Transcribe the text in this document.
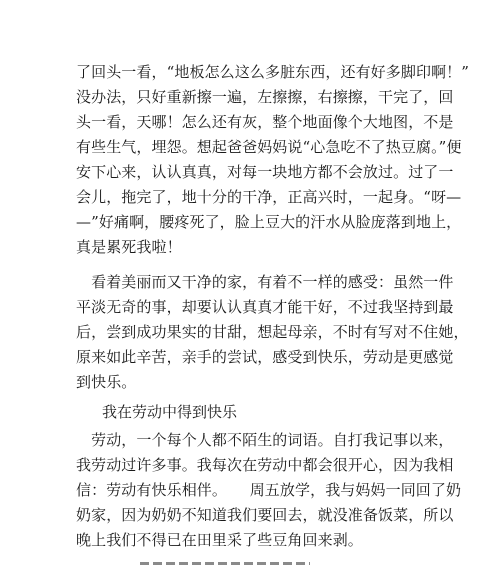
了回头一看，“地板怎么这么多脏东西，还有好多脚印啊！”
没办法，只好重新擦一遍，左擦擦，右擦擦，干完了，回
头一看，天哪！怎么还有灰，整个地面像个大地图，不是
有些生气，埋怨。想起爸爸妈妈说“心急吃不了热豆腐。”便
安下心来，认认真真，对每一块地方都不会放过。过了一
会儿，拖完了，地十分的干净，正高兴时，一起身。“呀—
—”好痛啊，腰疼死了，脸上豆大的汗水从脸庞落到地上，
真是累死我啦！
　看着美丽而又干净的家，有着不一样的感受：虽然一件
平淡无奇的事，却要认认真真才能干好，不过我坚持到最
后，尝到成功果实的甘甜，想起母亲，不时有写对不住她，
原来如此辛苦，亲手的尝试，感受到快乐，劳动是更感觉
到快乐。
我在劳动中得到快乐
　劳动，一个每个人都不陌生的词语。自打我记事以来，
我劳动过许多事。我每次在劳动中都会很开心，因为我相
信：劳动有快乐相伴。　　周五放学，我与妈妈一同回了奶
奶家，因为奶奶不知道我们要回去，就没准备饭菜，所以
晚上我们不得已在田里采了些豆角回来剥。
